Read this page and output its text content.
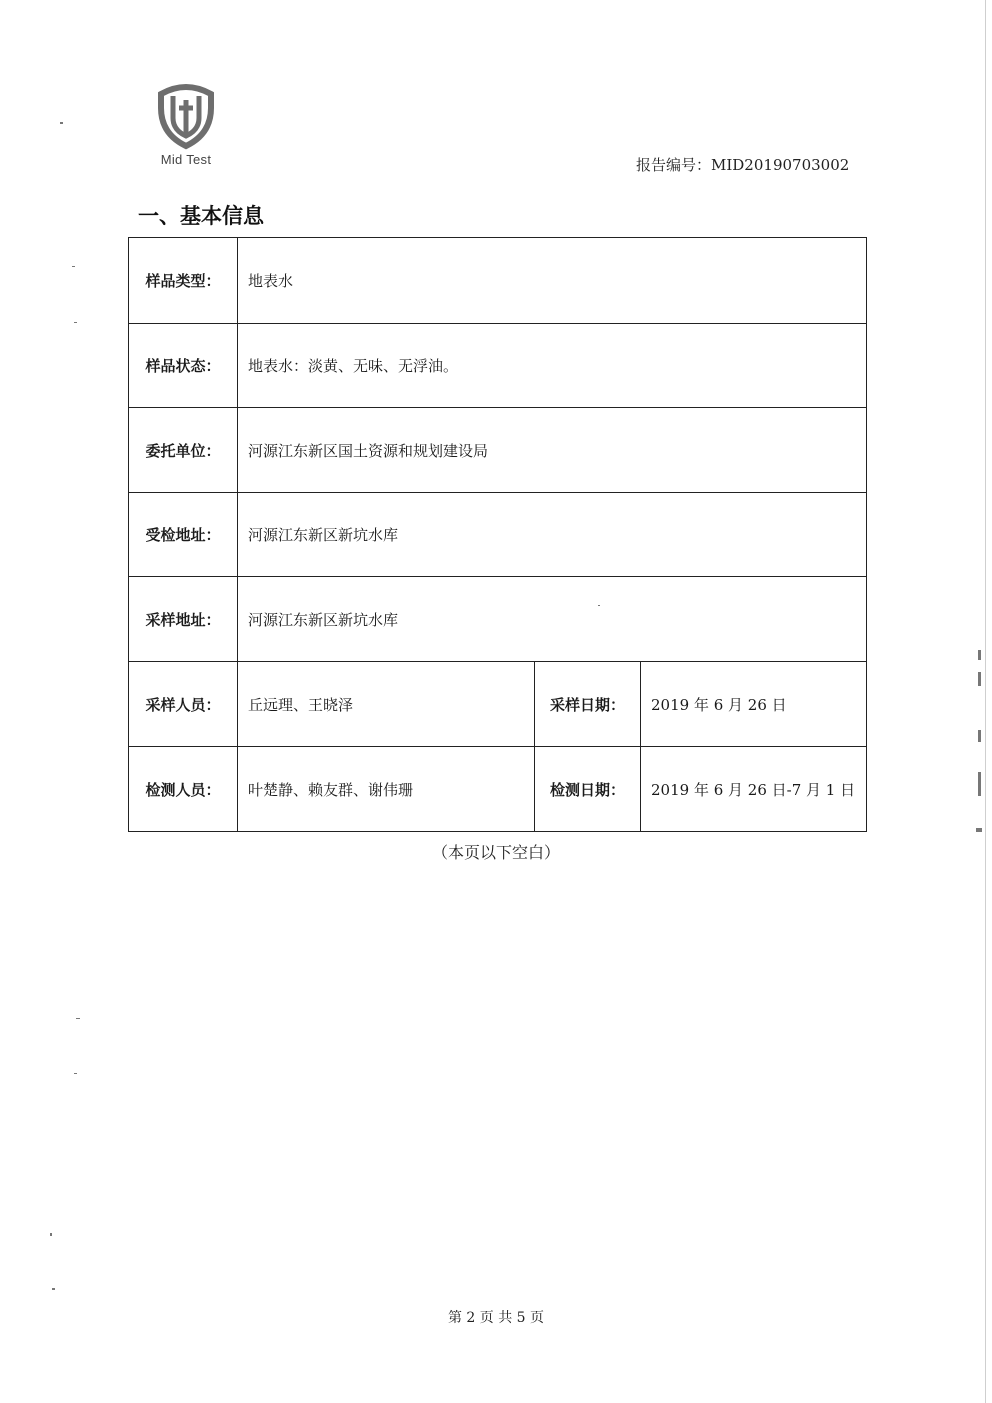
Mid Test	报告编号：MID20190703002
一、基本信息
样品类型：	地表水		
样品状态：	地表水：淡黄、无味、无浮油。		
委托单位：	河源江东新区国土资源和规划建设局		
受检地址：	河源江东新区新坑水库		
采样地址：	河源江东新区新坑水库		
采样人员：	丘远理、王晓泽	采样日期：	2019 年 6 月 26 日
检测人员：	叶楚静、赖友群、谢伟珊	检测日期：	2019 年 6 月 26 日-7 月 1 日
（本页以下空白）
第 2 页 共 5 页
